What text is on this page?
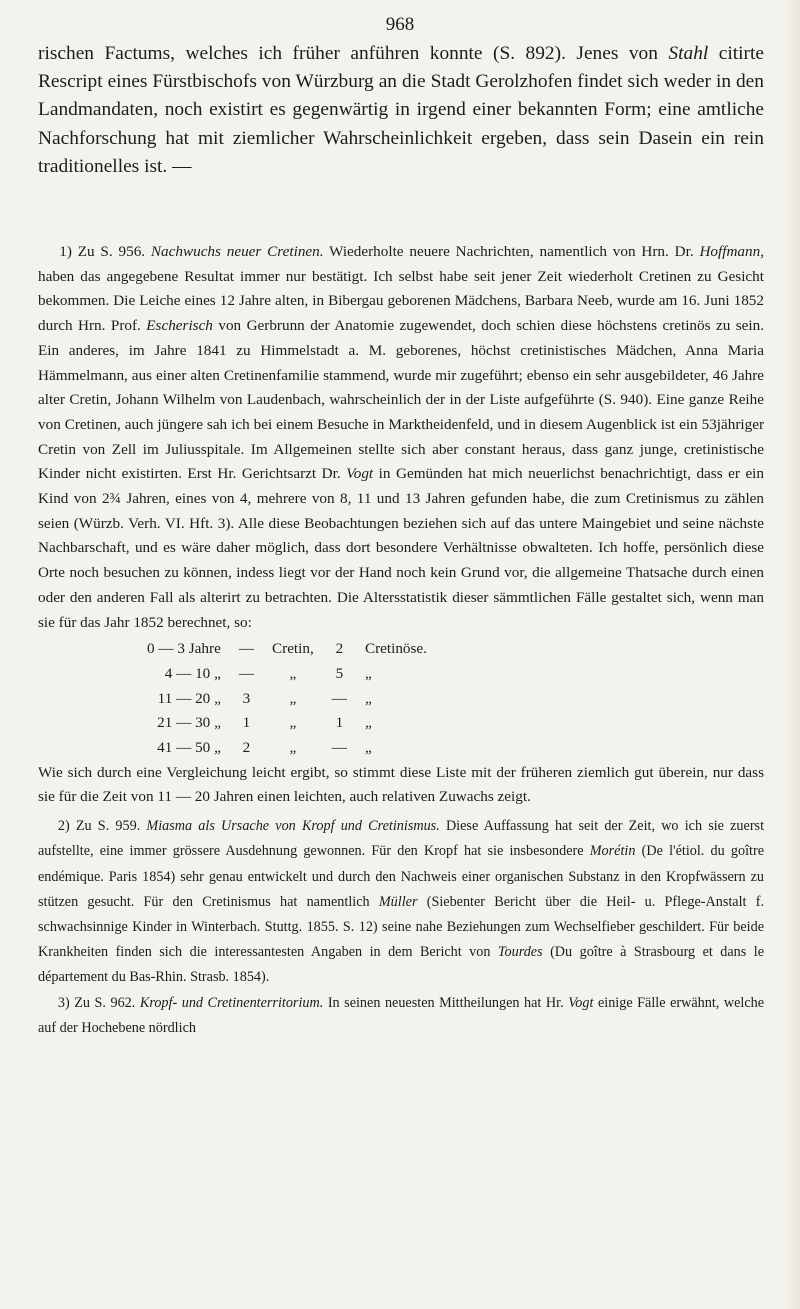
968

rischen Factums, welches ich früher anführen konnte (S. 892). Jenes von Stahl citirte Rescript eines Fürstbischofs von Würzburg an die Stadt Gerolzhofen findet sich weder in den Landmandaten, noch existirt es gegenwärtig in irgend einer bekannten Form; eine amtliche Nachforschung hat mit ziemlicher Wahrscheinlichkeit ergeben, dass sein Dasein ein rein traditionelles ist. —

1) Zu S. 956. Nachwuchs neuer Cretinen. Wiederholte neuere Nachrichten, namentlich von Hrn. Dr. Hoffmann, haben das angegebene Resultat immer nur bestätigt. Ich selbst habe seit jener Zeit wiederholt Cretinen zu Gesicht bekommen. Die Leiche eines 12 Jahre alten, in Bibergau geborenen Mädchens, Barbara Neeb, wurde am 16. Juni 1852 durch Hrn. Prof. Escherisch von Gerbrunn der Anatomie zugewendet, doch schien diese höchstens cretinös zu sein. Ein anderes, im Jahre 1841 zu Himmelstadt a. M. geborenes, höchst cretinistisches Mädchen, Anna Maria Hämmelmann, aus einer alten Cretinenfamilie stammend, wurde mir zugeführt; ebenso ein sehr ausgebildeter, 46 Jahre alter Cretin, Johann Wilhelm von Laudenbach, wahrscheinlich der in der Liste aufgeführte (S. 940). Eine ganze Reihe von Cretinen, auch jüngere sah ich bei einem Besuche in Marktheidenfeld, und in diesem Augenblick ist ein 53jähriger Cretin von Zell im Juliusspitale. Im Allgemeinen stellte sich aber constant heraus, dass ganz junge, cretinistische Kinder nicht existirten. Erst Hr. Gerichtsarzt Dr. Vogt in Gemünden hat mich neuerlichst benachrichtigt, dass er ein Kind von 2¾ Jahren, eines von 4, mehrere von 8, 11 und 13 Jahren gefunden habe, die zum Cretinismus zu zählen seien (Würzb. Verh. VI. Hft. 3). Alle diese Beobachtungen beziehen sich auf das untere Maingebiet und seine nächste Nachbarschaft, und es wäre daher möglich, dass dort besondere Verhältnisse obwalteten. Ich hoffe, persönlich diese Orte noch besuchen zu können, indess liegt vor der Hand noch kein Grund vor, die allgemeine Thatsache durch einen oder den anderen Fall als alterirt zu betrachten. Die Altersstatistik dieser sämmtlichen Fälle gestaltet sich, wenn man sie für das Jahr 1852 berechnet, so:

0 — 3 Jahre	—	Cretin,	2	Cretinöse.
4 — 10 „	—	„	5	„
11 — 20 „	3	„	—	„
21 — 30 „	1	„	1	„
41 — 50 „	2	„	—	„

Wie sich durch eine Vergleichung leicht ergibt, so stimmt diese Liste mit der früheren ziemlich gut überein, nur dass sie für die Zeit von 11 — 20 Jahren einen leichten, auch relativen Zuwachs zeigt.

2) Zu S. 959. Miasma als Ursache von Kropf und Cretinismus. Diese Auffassung hat seit der Zeit, wo ich sie zuerst aufstellte, eine immer grössere Ausdehnung gewonnen. Für den Kropf hat sie insbesondere Morétin (De l'étiol. du goître endémique. Paris 1854) sehr genau entwickelt und durch den Nachweis einer organischen Substanz in den Kropfwässern zu stützen gesucht. Für den Cretinismus hat namentlich Müller (Siebenter Bericht über die Heil- u. Pflege-Anstalt f. schwachsinnige Kinder in Winterbach. Stuttg. 1855. S. 12) seine nahe Beziehungen zum Wechselfieber geschildert. Für beide Krankheiten finden sich die interessantesten Angaben in dem Bericht von Tourdes (Du goître à Strasbourg et dans le département du Bas-Rhin. Strasb. 1854).

3) Zu S. 962. Kropf- und Cretinenterritorium. In seinen neuesten Mittheilungen hat Hr. Vogt einige Fälle erwähnt, welche auf der Hochebene nördlich
